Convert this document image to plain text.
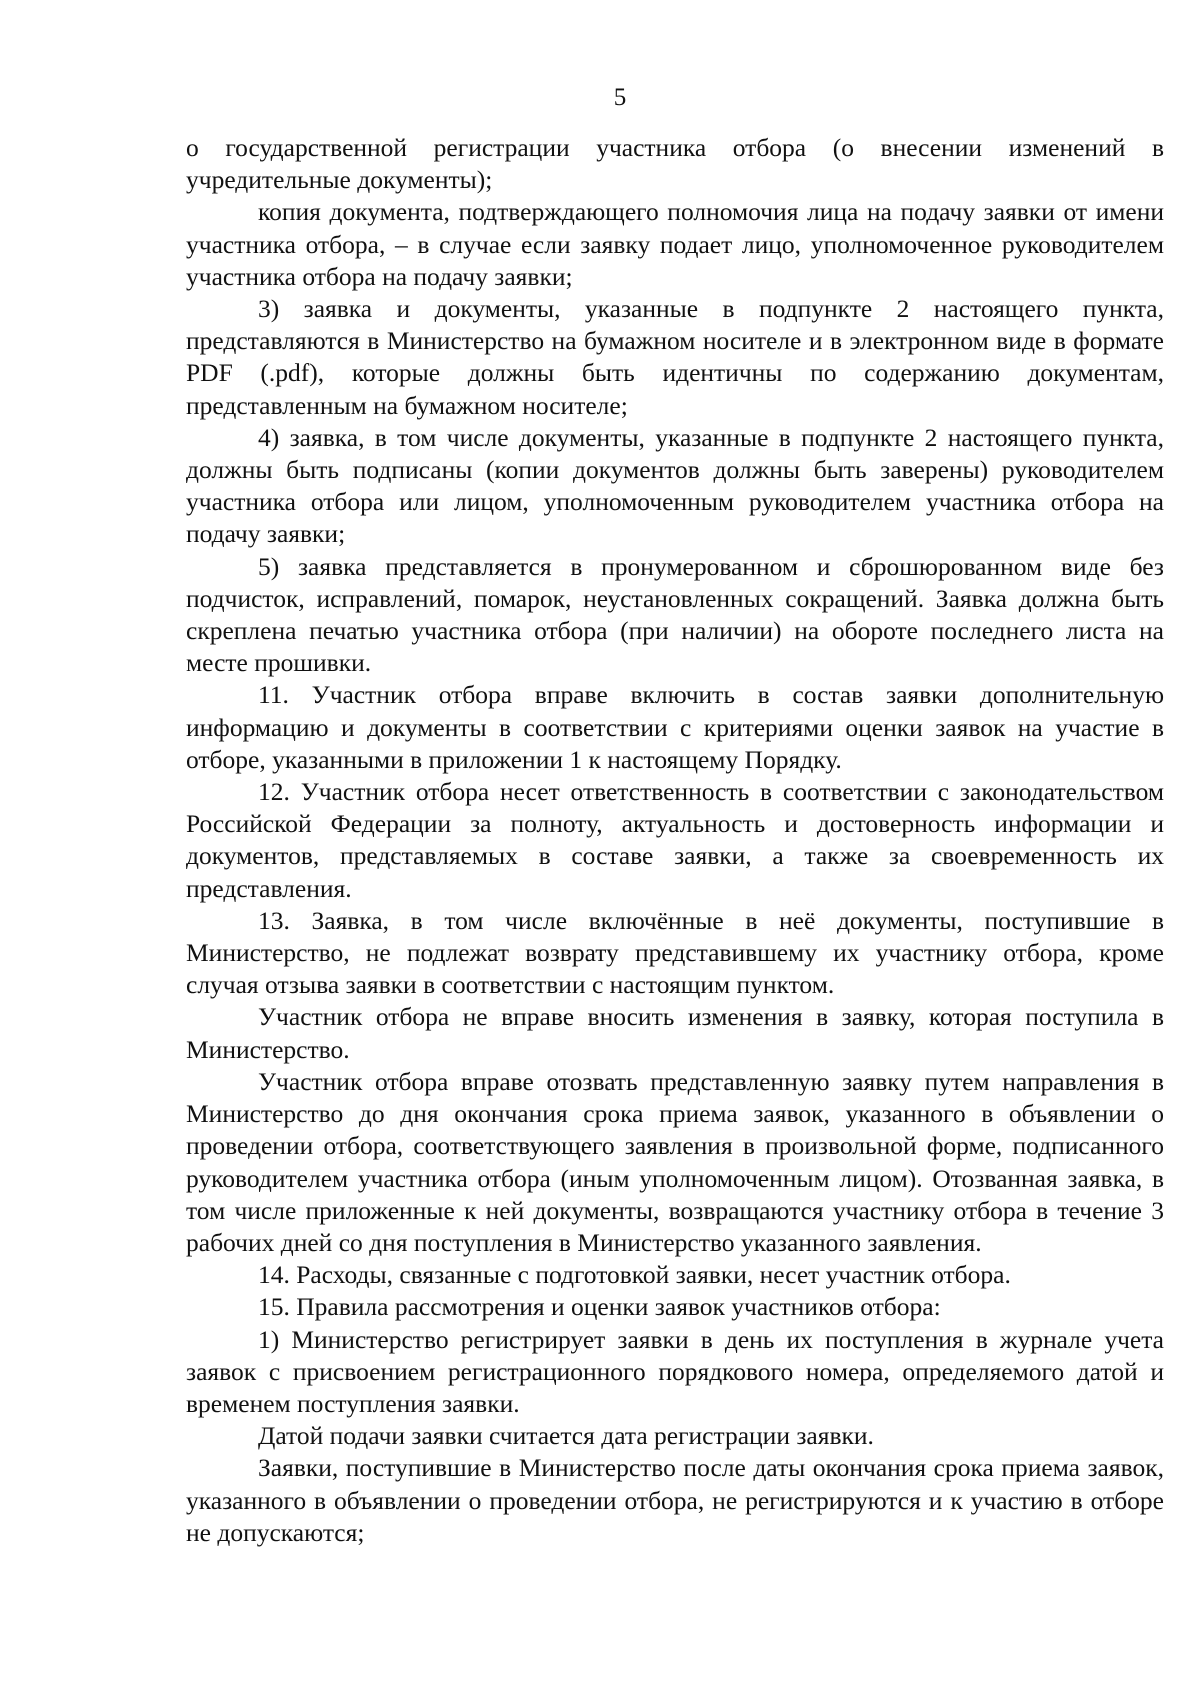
5

о государственной регистрации участника отбора (о внесении изменений в учредительные документы);

копия документа, подтверждающего полномочия лица на подачу заявки от имени участника отбора, – в случае если заявку подает лицо, уполномоченное руководителем участника отбора на подачу заявки;

3) заявка и документы, указанные в подпункте 2 настоящего пункта, представляются в Министерство на бумажном носителе и в электронном виде в формате PDF (.pdf), которые должны быть идентичны по содержанию документам, представленным на бумажном носителе;

4) заявка, в том числе документы, указанные в подпункте 2 настоящего пункта, должны быть подписаны (копии документов должны быть заверены) руководителем участника отбора или лицом, уполномоченным руководителем участника отбора на подачу заявки;

5) заявка представляется в пронумерованном и сброшюрованном виде без подчисток, исправлений, помарок, неустановленных сокращений. Заявка должна быть скреплена печатью участника отбора (при наличии) на обороте последнего листа на месте прошивки.

11. Участник отбора вправе включить в состав заявки дополнительную информацию и документы в соответствии с критериями оценки заявок на участие в отборе, указанными в приложении 1 к настоящему Порядку.

12. Участник отбора несет ответственность в соответствии с законодательством Российской Федерации за полноту, актуальность и достоверность информации и документов, представляемых в составе заявки, а также за своевременность их представления.

13. Заявка, в том числе включённые в неё документы, поступившие в Министерство, не подлежат возврату представившему их участнику отбора, кроме случая отзыва заявки в соответствии с настоящим пунктом.

Участник отбора не вправе вносить изменения в заявку, которая поступила в Министерство.

Участник отбора вправе отозвать представленную заявку путем направления в Министерство до дня окончания срока приема заявок, указанного в объявлении о проведении отбора, соответствующего заявления в произвольной форме, подписанного руководителем участника отбора (иным уполномоченным лицом). Отозванная заявка, в том числе приложенные к ней документы, возвращаются участнику отбора в течение 3 рабочих дней со дня поступления в Министерство указанного заявления.

14. Расходы, связанные с подготовкой заявки, несет участник отбора.

15. Правила рассмотрения и оценки заявок участников отбора:

1) Министерство регистрирует заявки в день их поступления в журнале учета заявок с присвоением регистрационного порядкового номера, определяемого датой и временем поступления заявки.

Датой подачи заявки считается дата регистрации заявки.

Заявки, поступившие в Министерство после даты окончания срока приема заявок, указанного в объявлении о проведении отбора, не регистрируются и к участию в отборе не допускаются;
